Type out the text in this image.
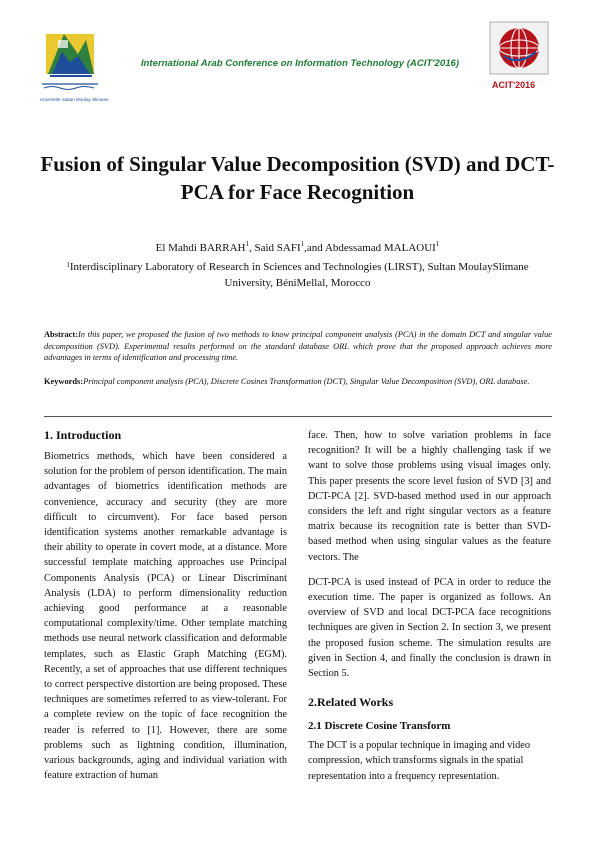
Université Sultan Moulay Slimane
International Arab Conference on Information Technology (ACIT'2016)
ACIT'2016
Fusion of Singular Value Decomposition (SVD) and DCT-PCA for Face Recognition
El Mahdi BARRAH$^1$, Said SAFI$^1$,and Abdessamad MALAOUI$^1$
$^1$Interdisciplinary Laboratory of Research in Sciences and Technologies (LIRST), Sultan MoulaySlimane
University, BéniMellal, Morocco

Abstract:In this paper, we proposed the fusion of two methods to know principal component analysis (PCA) in the domain DCT and singular value decomposition (SVD). Experimental results performed on the standard database ORL which prove that the proposed approach achieves more advantages in terms of identification and processing time.

Keywords:Principal component analysis (PCA), Discrete Cosines Transformation (DCT), Singular Value Decomposition (SVD), ORL database.

1. Introduction

Biometrics methods, which have been considered a solution for the problem of person identification. The main advantages of biometrics identification methods are convenience, accuracy and security (they are more difficult to circumvent). For face based person identification systems another remarkable advantage is their ability to operate in covert mode, at a distance. More successful template matching approaches use Principal Components Analysis (PCA) or Linear Discriminant Analysis (LDA) to perform dimensionality reduction achieving good performance at a reasonable computational complexity/time. Other template matching methods use neural network classification and deformable templates, such as Elastic Graph Matching (EGM). Recently, a set of approaches that use different techniques to correct perspective distortion are being proposed. These techniques are sometimes referred to as view-tolerant. For a complete review on the topic of face recognition the reader is referred to [1]. However, there are some problems such as lightning condition, illumination, various backgrounds, aging and individual variation with feature extraction of human

face. Then, how to solve variation problems in face recognition? It will be a highly challenging task if we want to solve those problems using visual images only. This paper presents the score level fusion of SVD [3] and DCT-PCA [2]. SVD-based method used in our approach considers the left and right singular vectors as a feature matrix because its recognition rate is better than SVD-based method when using singular values as the feature vectors. The

DCT-PCA is used instead of PCA in order to reduce the execution time. The paper is organized as follows. An overview of SVD and local DCT-PCA face recognitions techniques are given in Section 2. In section 3, we present the proposed fusion scheme. The simulation results are given in Section 4, and finally the conclusion is drawn in Section 5.

2.Related Works
2.1 Discrete Cosine Transform

The DCT is a popular technique in imaging and video compression, which transforms signals in the spatial representation into a frequency representation.
